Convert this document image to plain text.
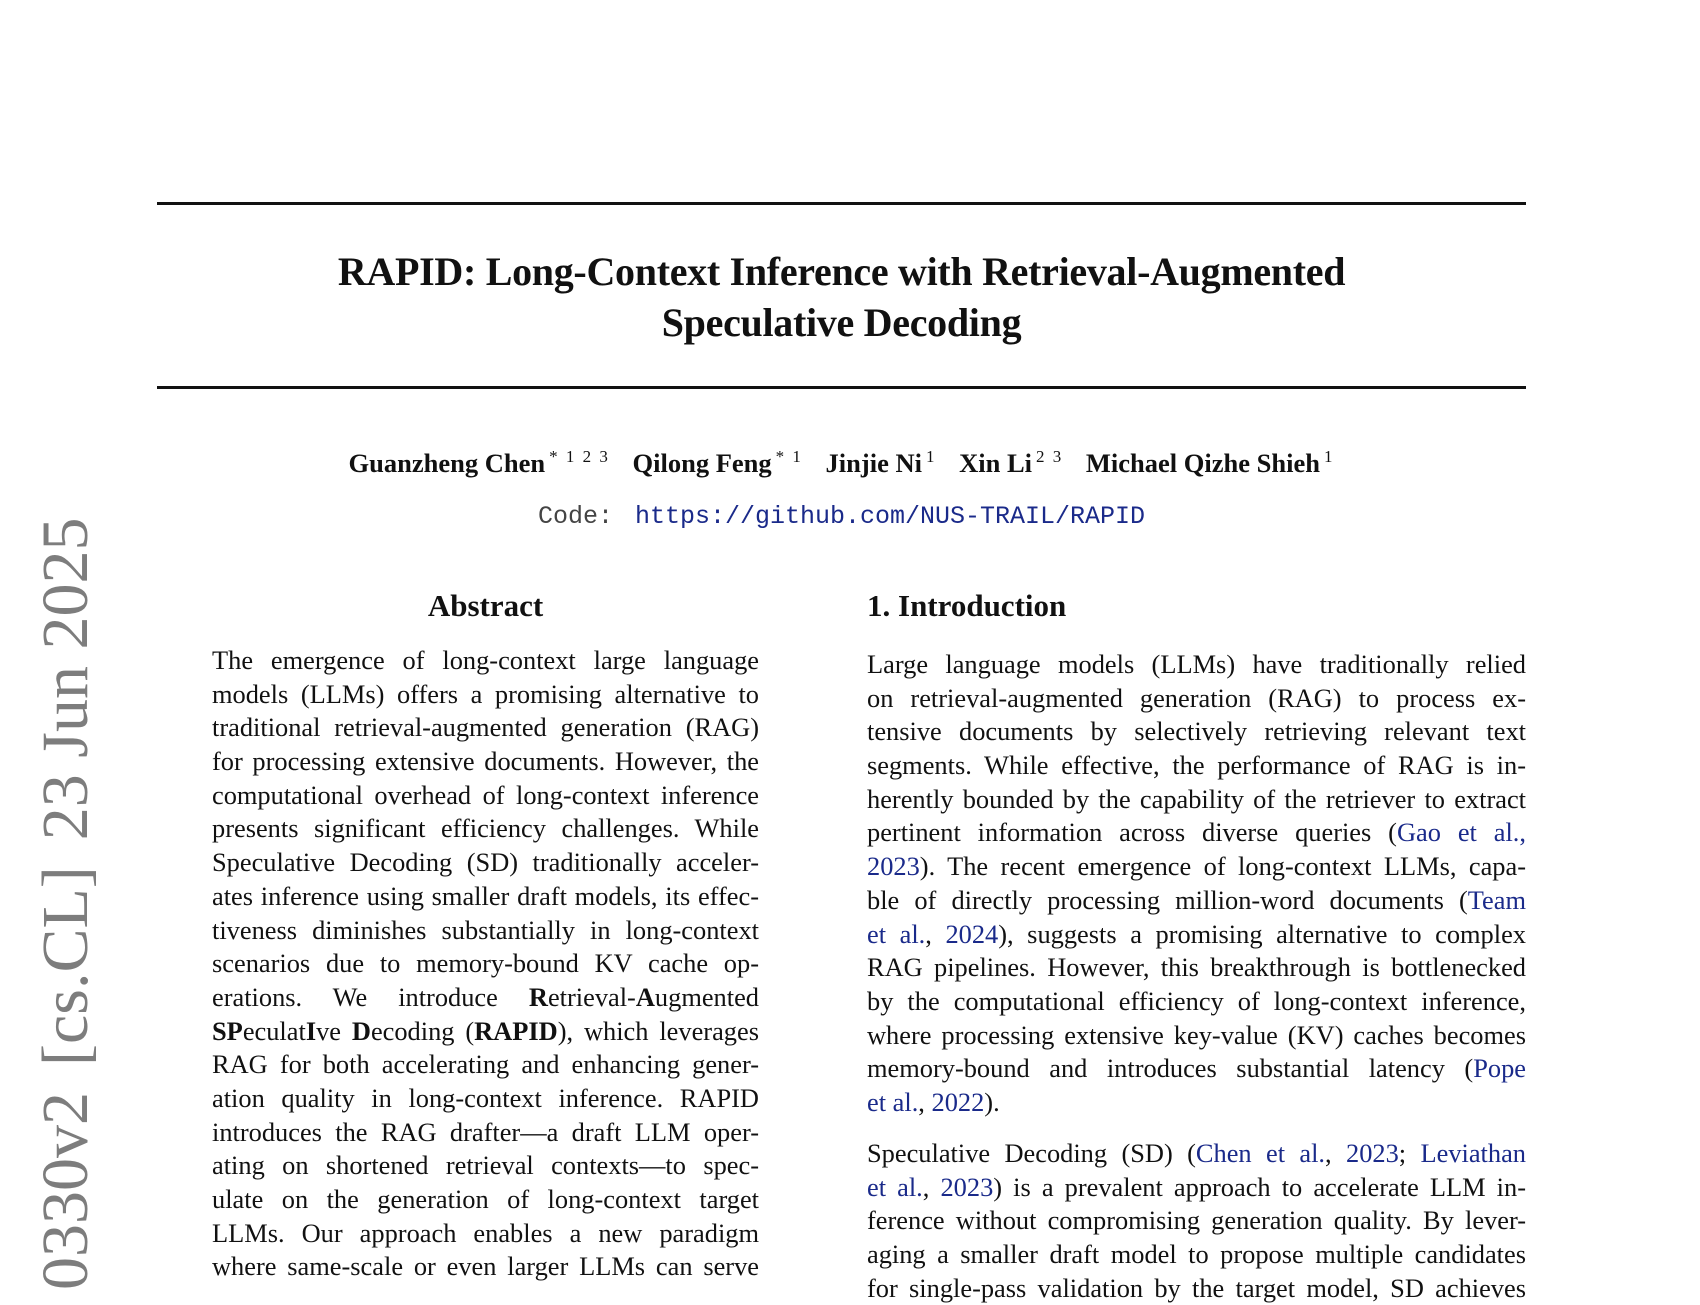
0330v2[cs.CL]23 Jun 2025
RAPID: Long-Context Inference with Retrieval-Augmented
Speculative Decoding
Guanzheng Chen $^{* 1 2 3}$ Qilong Feng $^{* 1}$ Jinjie Ni $^1$ Xin Li $^{2 3}$ Michael Qizhe Shieh $^1$
Code: https://github.com/NUS-TRAIL/RAPID
Abstract
The emergence of long-context large language
models (LLMs) offers a promising alternative to
traditional retrieval-augmented generation (RAG)
for processing extensive documents. However, the
computational overhead of long-context inference
presents significant efficiency challenges. While
Speculative Decoding (SD) traditionally acceler-
ates inference using smaller draft models, its effec-
tiveness diminishes substantially in long-context
scenarios due to memory-bound KV cache op-
erations. We introduce Retrieval-Augmented
SPeculatIve Decoding (RAPID), which leverages
RAG for both accelerating and enhancing gener-
ation quality in long-context inference. RAPID
introduces the RAG drafter—a draft LLM oper-
ating on shortened retrieval contexts—to spec-
ulate on the generation of long-context target
LLMs. Our approach enables a new paradigm
where same-scale or even larger LLMs can serve
1. Introduction
Large language models (LLMs) have traditionally relied
on retrieval-augmented generation (RAG) to process ex-
tensive documents by selectively retrieving relevant text
segments. While effective, the performance of RAG is in-
herently bounded by the capability of the retriever to extract
pertinent information across diverse queries (Gao et al.,
2023). The recent emergence of long-context LLMs, capa-
ble of directly processing million-word documents (Team
et al., 2024), suggests a promising alternative to complex
RAG pipelines. However, this breakthrough is bottlenecked
by the computational efficiency of long-context inference,
where processing extensive key-value (KV) caches becomes
memory-bound and introduces substantial latency (Pope
et al., 2022).
Speculative Decoding (SD) (Chen et al., 2023; Leviathan
et al., 2023) is a prevalent approach to accelerate LLM in-
ference without compromising generation quality. By lever-
aging a smaller draft model to propose multiple candidates
for single-pass validation by the target model, SD achieves
